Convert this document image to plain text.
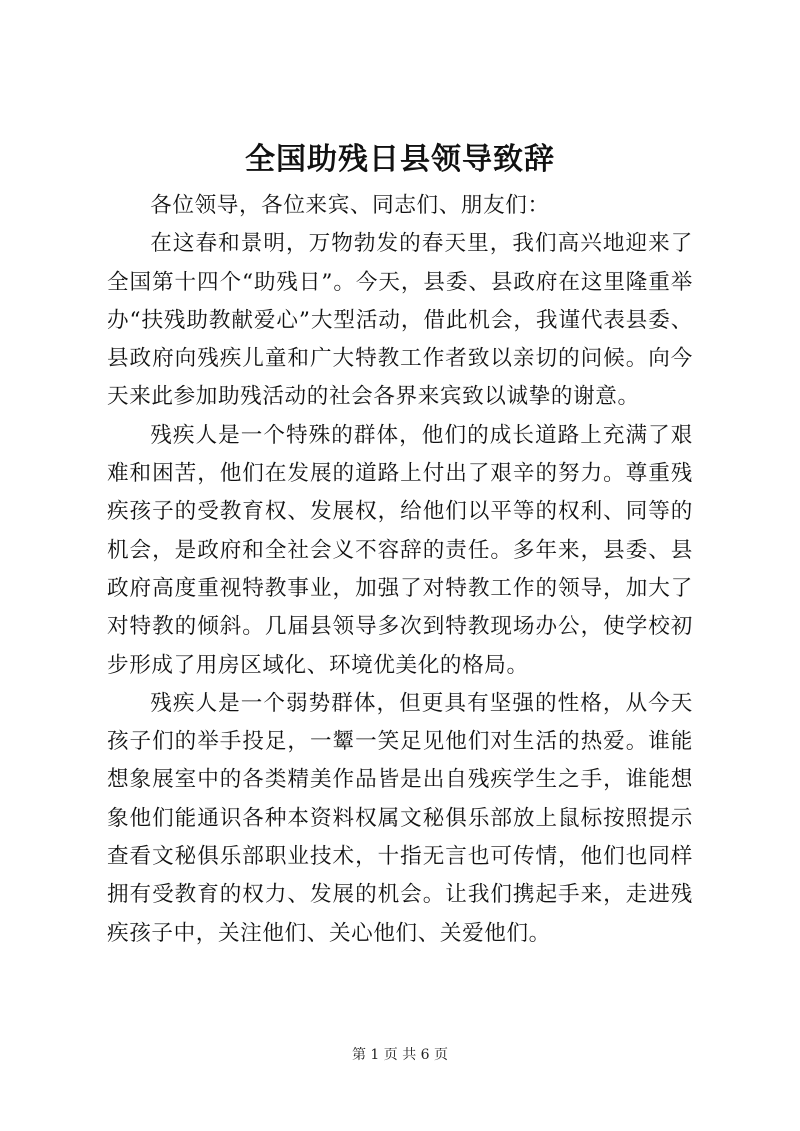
全国助残日县领导致辞

各位领导，各位来宾、同志们、朋友们：

在这春和景明，万物勃发的春天里，我们高兴地迎来了全国第十四个“助残日”。今天，县委、县政府在这里隆重举办“扶残助教献爱心”大型活动，借此机会，我谨代表县委、县政府向残疾儿童和广大特教工作者致以亲切的问候。向今天来此参加助残活动的社会各界来宾致以诚挚的谢意。

残疾人是一个特殊的群体，他们的成长道路上充满了艰难和困苦，他们在发展的道路上付出了艰辛的努力。尊重残疾孩子的受教育权、发展权，给他们以平等的权利、同等的机会，是政府和全社会义不容辞的责任。多年来，县委、县政府高度重视特教事业，加强了对特教工作的领导，加大了对特教的倾斜。几届县领导多次到特教现场办公，使学校初步形成了用房区域化、环境优美化的格局。

残疾人是一个弱势群体，但更具有坚强的性格，从今天孩子们的举手投足，一颦一笑足见他们对生活的热爱。谁能想象展室中的各类精美作品皆是出自残疾学生之手，谁能想象他们能通识各种本资料权属文秘俱乐部放上鼠标按照提示查看文秘俱乐部职业技术，十指无言也可传情，他们也同样拥有受教育的权力、发展的机会。让我们携起手来，走进残疾孩子中，关注他们、关心他们、关爱他们。

第 1 页 共 6 页
